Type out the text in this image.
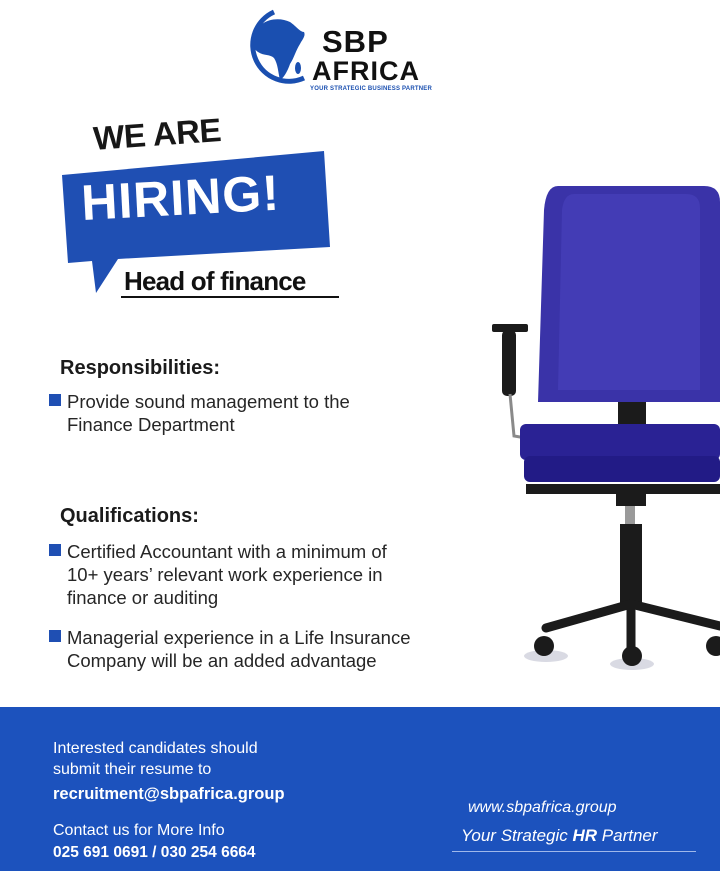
SBP
AFRICA
YOUR STRATEGIC BUSINESS PARTNER
WE ARE
HIRING!
Head of finance
Responsibilities:
Provide sound management to the
Finance Department
Qualifications:
Certified Accountant with a minimum of
10+ years’ relevant work experience in
finance or auditing
Managerial experience in a Life Insurance
Company will be an added advantage
Interested candidates should
submit their resume to
recruitment@sbpafrica.group
Contact us for More Info
025 691 0691 / 030 254 6664
www.sbpafrica.group
Your Strategic HR Partner
